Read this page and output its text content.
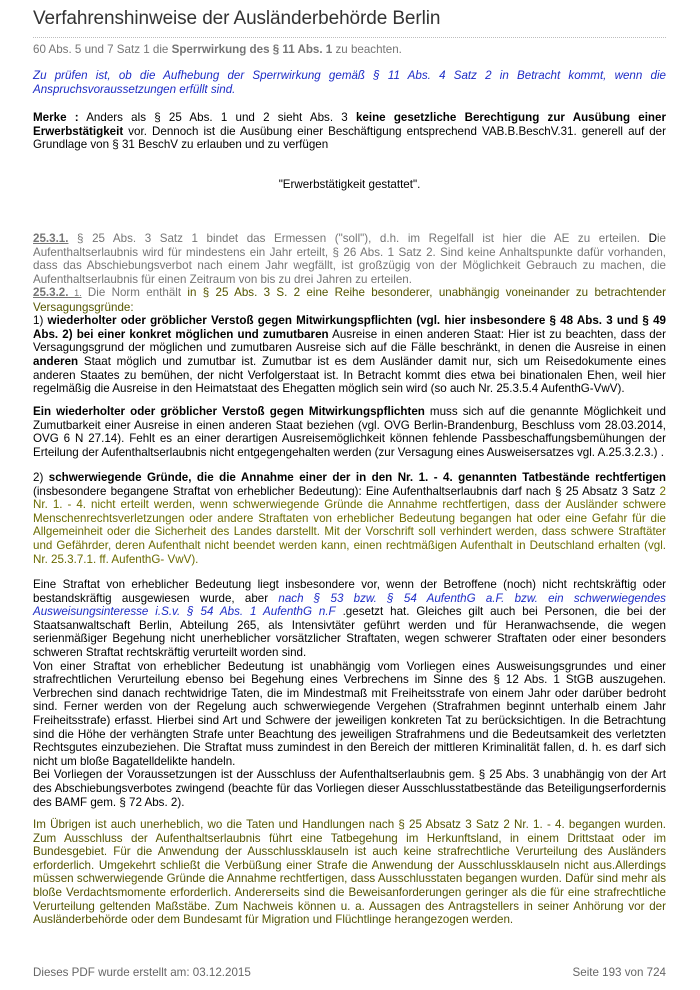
Verfahrenshinweise der Ausländerbehörde Berlin

60 Abs. 5 und 7 Satz 1 die Sperrwirkung des § 11 Abs. 1 zu beachten.

Zu prüfen ist, ob die Aufhebung der Sperrwirkung gemäß § 11 Abs. 4 Satz 2 in Betracht kommt, wenn die Anspruchsvoraussetzungen erfüllt sind.

Merke : Anders als § 25 Abs. 1 und 2 sieht Abs. 3 keine gesetzliche Berechtigung zur Ausübung einer Erwerbstätigkeit vor. Dennoch ist die Ausübung einer Beschäftigung entsprechend VAB.B.BeschV.31. generell auf der Grundlage von § 31 BeschV zu erlauben und zu verfügen

"Erwerbstätigkeit gestattet".

25.3.1. § 25 Abs. 3 Satz 1 bindet das Ermessen ("soll"), d.h. im Regelfall ist hier die AE zu erteilen. Die Aufenthaltserlaubnis wird für mindestens ein Jahr erteilt, § 26 Abs. 1 Satz 2. Sind keine Anhaltspunkte dafür vorhanden, dass das Abschiebungsverbot nach einem Jahr wegfällt, ist großzügig von der Möglichkeit Gebrauch zu machen, die Aufenthaltserlaubnis für einen Zeitraum von bis zu drei Jahren zu erteilen.

25.3.2. 1. Die Norm enthält in § 25 Abs. 3 S. 2 eine Reihe besonderer, unabhängig voneinander zu betrachtender Versagungsgründe:

1) wiederholter oder gröblicher Verstoß gegen Mitwirkungspflichten (vgl. hier insbesondere § 48 Abs. 3 und § 49 Abs. 2) bei einer konkret möglichen und zumutbaren Ausreise in einen anderen Staat: Hier ist zu beachten, dass der Versagungsgrund der möglichen und zumutbaren Ausreise sich auf die Fälle beschränkt, in denen die Ausreise in einen anderen Staat möglich und zumutbar ist. Zumutbar ist es dem Ausländer damit nur, sich um Reisedokumente eines anderen Staates zu bemühen, der nicht Verfolgerstaat ist. In Betracht kommt dies etwa bei binationalen Ehen, weil hier regelmäßig die Ausreise in den Heimatstaat des Ehegatten möglich sein wird (so auch Nr. 25.3.5.4 AufenthG-VwV).

Ein wiederholter oder gröblicher Verstoß gegen Mitwirkungspflichten muss sich auf die genannte Möglichkeit und Zumutbarkeit einer Ausreise in einen anderen Staat beziehen (vgl. OVG Berlin-Brandenburg, Beschluss vom 28.03.2014, OVG 6 N 27.14). Fehlt es an einer derartigen Ausreisemöglichkeit können fehlende Passbeschaffungsbemühungen der Erteilung der Aufenthaltserlaubnis nicht entgegengehalten werden (zur Versagung eines Ausweisersatzes vgl. A.25.3.2.3.) .

2) schwerwiegende Gründe, die die Annahme einer der in den Nr. 1. - 4. genannten Tatbestände rechtfertigen (insbesondere begangene Straftat von erheblicher Bedeutung): Eine Aufenthaltserlaubnis darf nach § 25 Absatz 3 Satz 2 Nr. 1. - 4. nicht erteilt werden, wenn schwerwiegende Gründe die Annahme rechtfertigen, dass der Ausländer schwere Menschenrechtsverletzungen oder andere Straftaten von erheblicher Bedeutung begangen hat oder eine Gefahr für die Allgemeinheit oder die Sicherheit des Landes darstellt. Mit der Vorschrift soll verhindert werden, dass schwere Straftäter und Gefährder, deren Aufenthalt nicht beendet werden kann, einen rechtmäßigen Aufenthalt in Deutschland erhalten (vgl. Nr. 25.3.7.1. ff. AufenthG- VwV).

Eine Straftat von erheblicher Bedeutung liegt insbesondere vor, wenn der Betroffene (noch) nicht rechtskräftig oder bestandskräftig ausgewiesen wurde, aber nach § 53 bzw. § 54 AufenthG a.F. bzw. ein schwerwiegendes Ausweisungsinteresse i.S.v. § 54 Abs. 1 AufenthG n.F .gesetzt hat. Gleiches gilt auch bei Personen, die bei der Staatsanwaltschaft Berlin, Abteilung 265, als Intensivtäter geführt werden und für Heranwachsende, die wegen serienmäßiger Begehung nicht unerheblicher vorsätzlicher Straftaten, wegen schwerer Straftaten oder einer besonders schweren Straftat rechtskräftig verurteilt worden sind.

Von einer Straftat von erheblicher Bedeutung ist unabhängig vom Vorliegen eines Ausweisungsgrundes und einer strafrechtlichen Verurteilung ebenso bei Begehung eines Verbrechens im Sinne des § 12 Abs. 1 StGB auszugehen. Verbrechen sind danach rechtwidrige Taten, die im Mindestmaß mit Freiheitsstrafe von einem Jahr oder darüber bedroht sind. Ferner werden von der Regelung auch schwerwiegende Vergehen (Strafrahmen beginnt unterhalb einem Jahr Freiheitsstrafe) erfasst. Hierbei sind Art und Schwere der jeweiligen konkreten Tat zu berücksichtigen. In die Betrachtung sind die Höhe der verhängten Strafe unter Beachtung des jeweiligen Strafrahmens und die Bedeutsamkeit des verletzten Rechtsgutes einzubeziehen. Die Straftat muss zumindest in den Bereich der mittleren Kriminalität fallen, d. h. es darf sich nicht um bloße Bagatelldelikte handeln.

Bei Vorliegen der Voraussetzungen ist der Ausschluss der Aufenthaltserlaubnis gem. § 25 Abs. 3 unabhängig von der Art des Abschiebungsverbotes zwingend (beachte für das Vorliegen dieser Ausschlusstatbestände das Beteiligungserfordernis des BAMF gem. § 72 Abs. 2).

Im Übrigen ist auch unerheblich, wo die Taten und Handlungen nach § 25 Absatz 3 Satz 2 Nr. 1. - 4. begangen wurden. Zum Ausschluss der Aufenthaltserlaubnis führt eine Tatbegehung im Herkunftsland, in einem Drittstaat oder im Bundesgebiet. Für die Anwendung der Ausschlussklauseln ist auch keine strafrechtliche Verurteilung des Ausländers erforderlich. Umgekehrt schließt die Verbüßung einer Strafe die Anwendung der Ausschlussklauseln nicht aus.Allerdings müssen schwerwiegende Gründe die Annahme rechtfertigen, dass Ausschlusstaten begangen wurden. Dafür sind mehr als bloße Verdachtsmomente erforderlich. Andererseits sind die Beweisanforderungen geringer als die für eine strafrechtliche Verurteilung geltenden Maßstäbe. Zum Nachweis können u. a. Aussagen des Antragstellers in seiner Anhörung vor der Ausländerbehörde oder dem Bundesamt für Migration und Flüchtlinge herangezogen werden.

Dieses PDF wurde erstellt am: 03.12.2015	Seite 193 von 724
